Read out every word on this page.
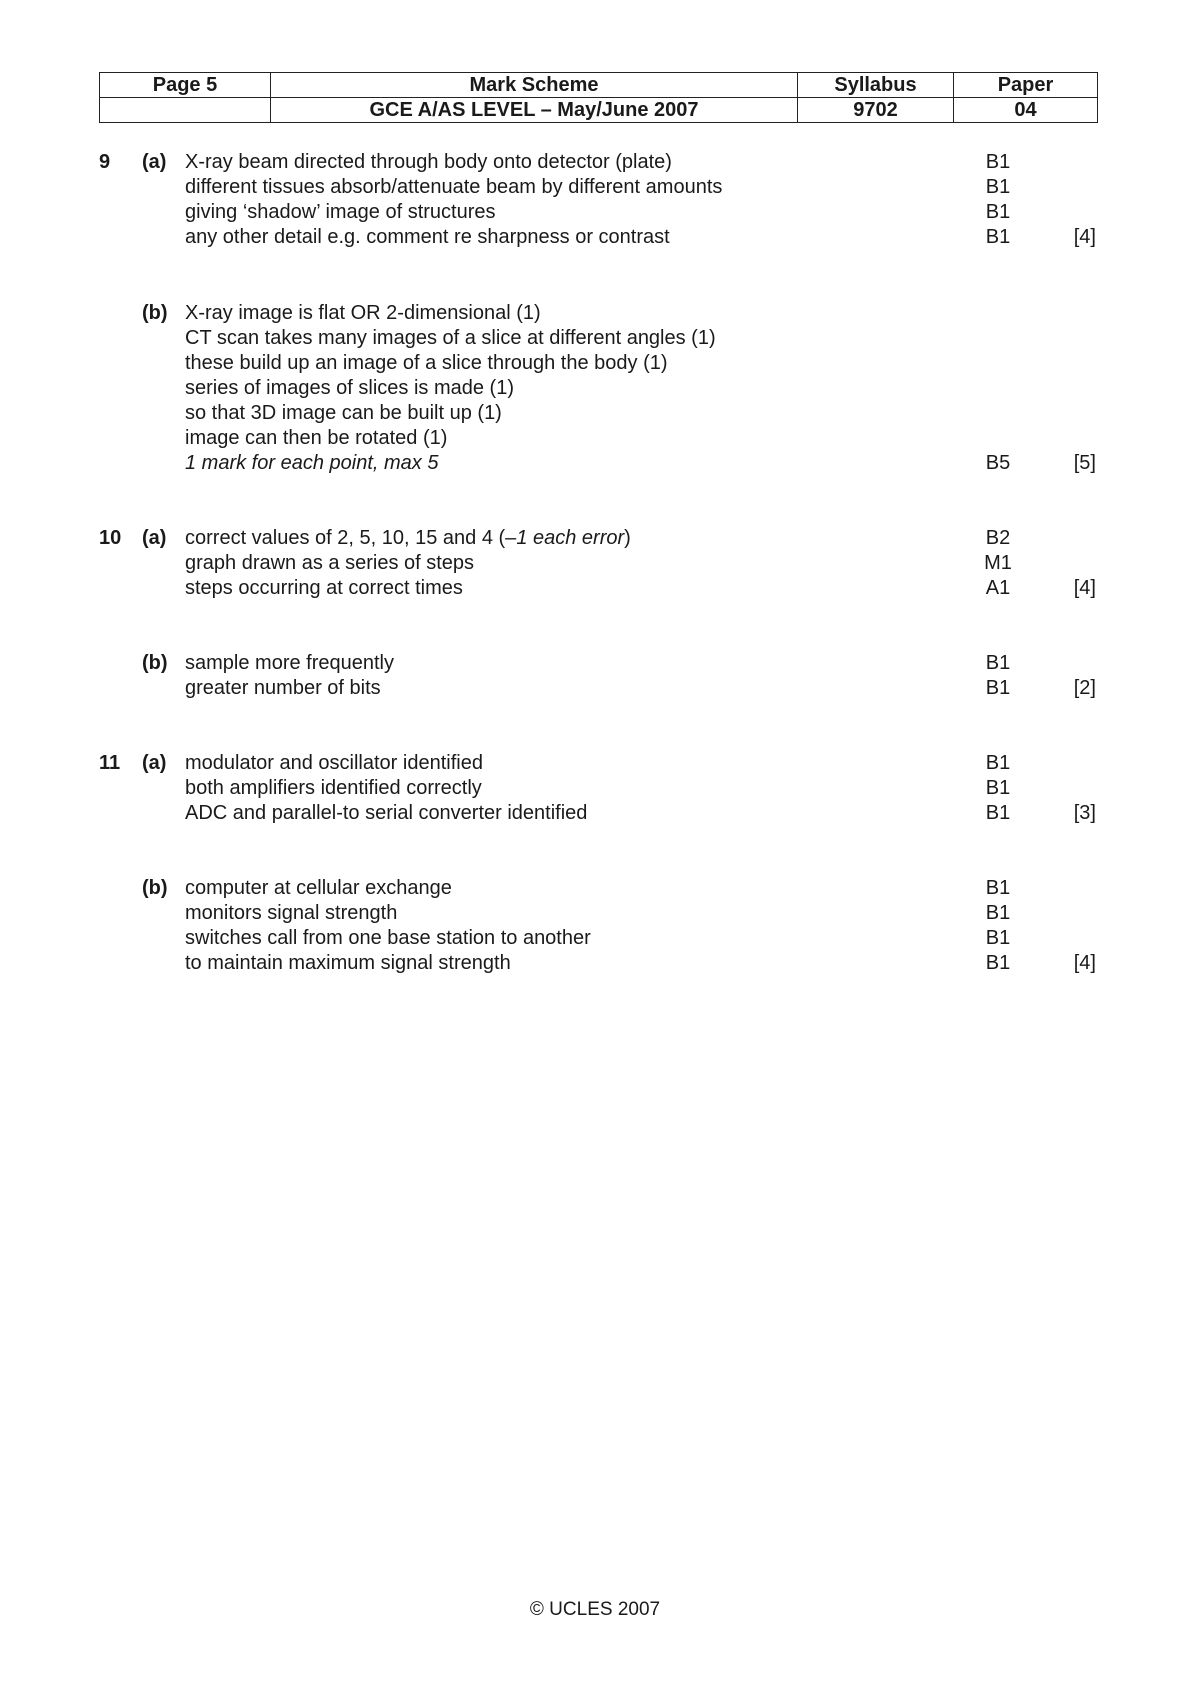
Page 5	Mark Scheme	Syllabus	Paper
	GCE A/AS LEVEL – May/June 2007	9702	04
9 (a) X-ray beam directed through body onto detector (plate)	B1
different tissues absorb/attenuate beam by different amounts	B1
giving ‘shadow’ image of structures	B1
any other detail e.g. comment re sharpness or contrast	B1	[4]
(b) X-ray image is flat OR 2-dimensional (1)
CT scan takes many images of a slice at different angles (1)
these build up an image of a slice through the body (1)
series of images of slices is made (1)
so that 3D image can be built up (1)
image can then be rotated (1)
1 mark for each point, max 5	B5	[5]
10 (a) correct values of 2, 5, 10, 15 and 4 (–1 each error)	B2
graph drawn as a series of steps	M1
steps occurring at correct times	A1	[4]
(b) sample more frequently	B1
greater number of bits	B1	[2]
11 (a) modulator and oscillator identified	B1
both amplifiers identified correctly	B1
ADC and parallel-to serial converter identified	B1	[3]
(b) computer at cellular exchange	B1
monitors signal strength	B1
switches call from one base station to another	B1
to maintain maximum signal strength	B1	[4]
© UCLES 2007
